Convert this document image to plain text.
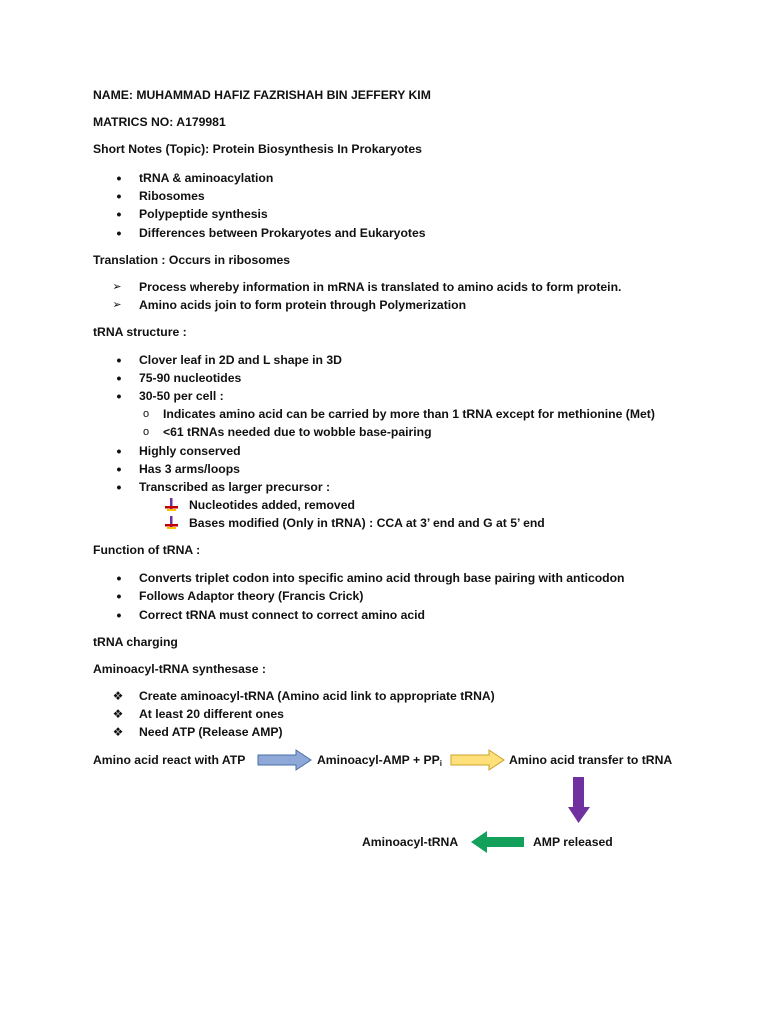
NAME: MUHAMMAD HAFIZ FAZRISHAH BIN JEFFERY KIM
MATRICS NO: A179981
Short Notes (Topic): Protein Biosynthesis In Prokaryotes
• tRNA & aminoacylation
• Ribosomes
• Polypeptide synthesis
• Differences between Prokaryotes and Eukaryotes
Translation : Occurs in ribosomes
➢ Process whereby information in mRNA is translated to amino acids to form protein.
➢ Amino acids join to form protein through Polymerization
tRNA structure :
• Clover leaf in 2D and L shape in 3D
• 75-90 nucleotides
• 30-50 per cell :
o Indicates amino acid can be carried by more than 1 tRNA except for methionine (Met)
o <61 tRNAs needed due to wobble base-pairing
• Highly conserved
• Has 3 arms/loops
• Transcribed as larger precursor :
Nucleotides added, removed
Bases modified (Only in tRNA) : CCA at 3’ end and G at 5’ end
Function of tRNA :
• Converts triplet codon into specific amino acid through base pairing with anticodon
• Follows Adaptor theory (Francis Crick)
• Correct tRNA must connect to correct amino acid
tRNA charging
Aminoacyl-tRNA synthesase :
❖ Create aminoacyl-tRNA (Amino acid link to appropriate tRNA)
❖ At least 20 different ones
❖ Need ATP (Release AMP)
Amino acid react with ATP	Aminoacyl-AMP + $PP_i$	Amino acid transfer to tRNA
AMP released
Aminoacyl-tRNA
